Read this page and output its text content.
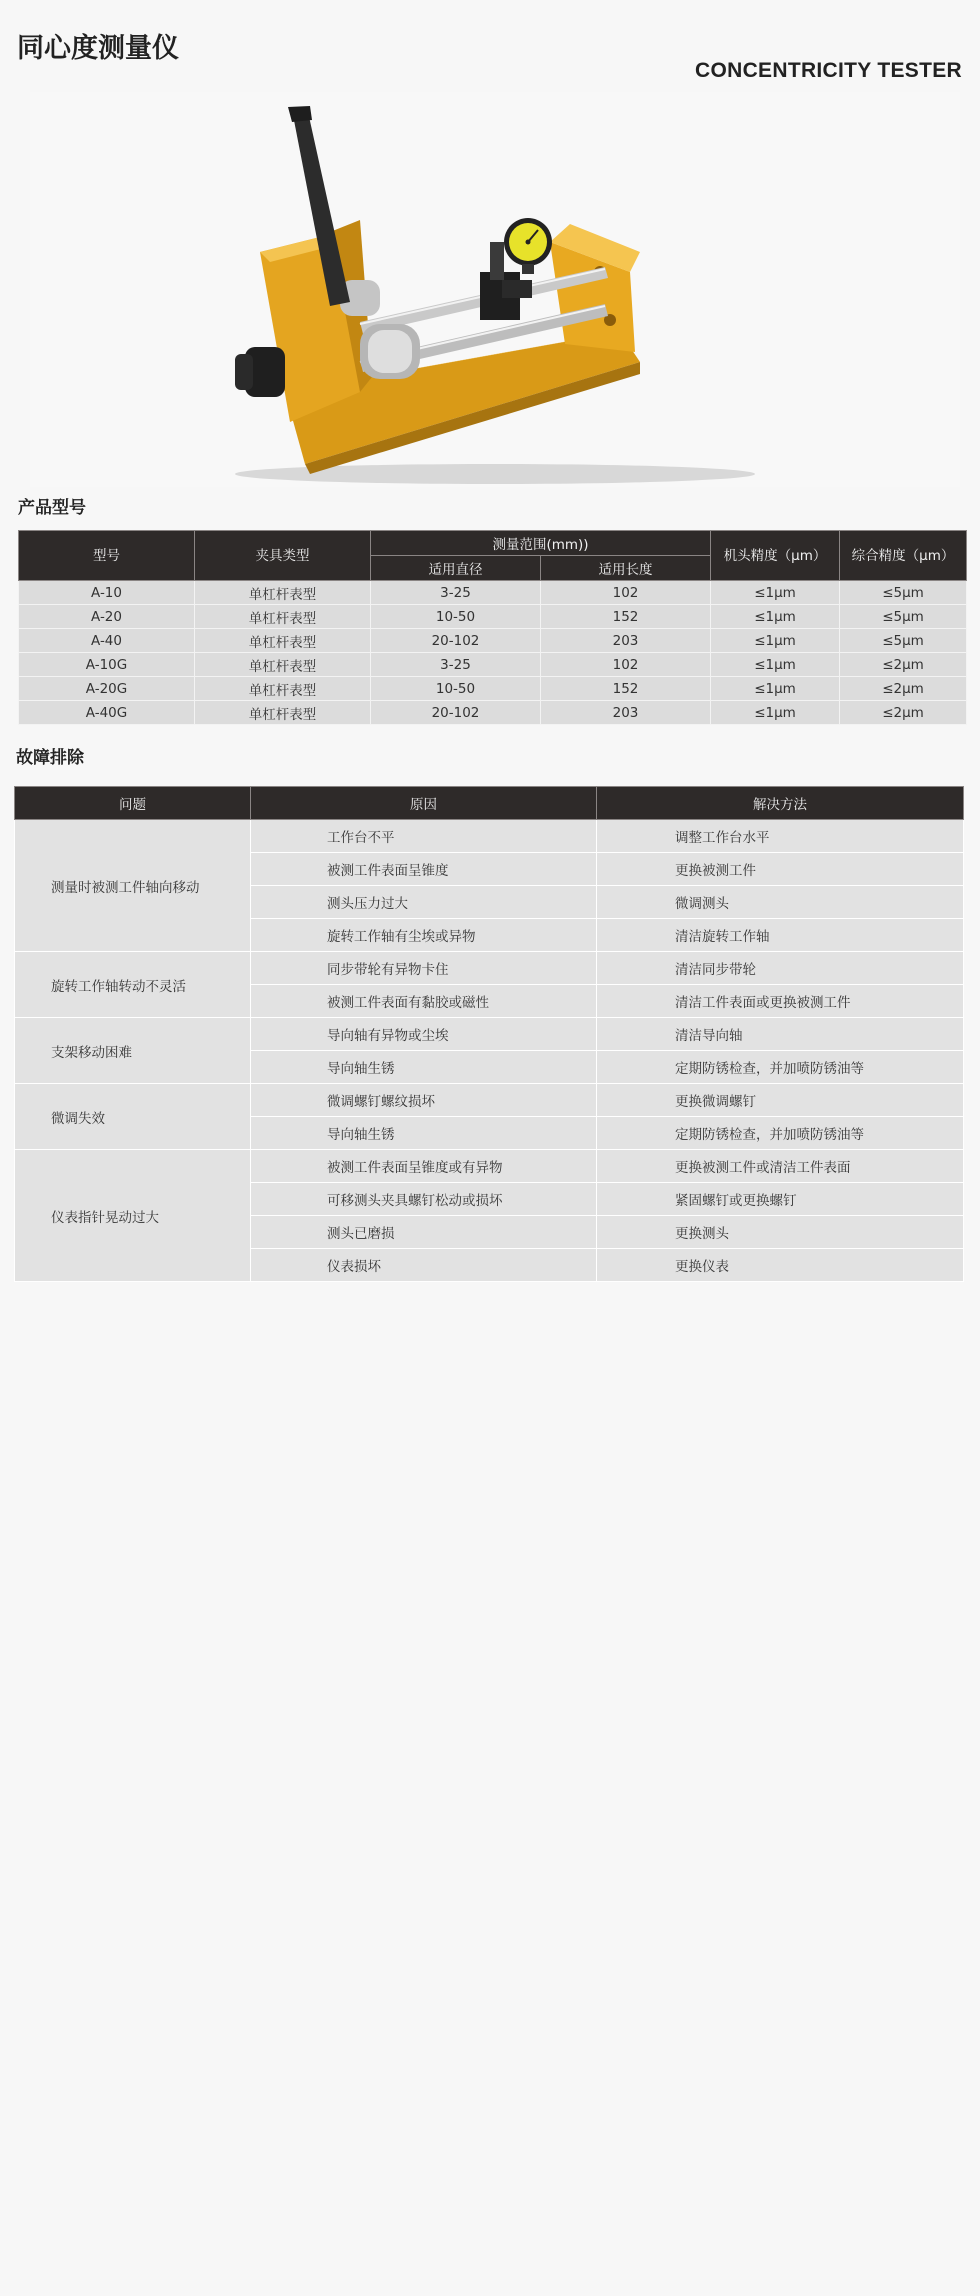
同心度测量仪
CONCENTRICITY TESTER
产品型号
型号	夹具类型	测量范围(mm))		机头精度（μm）	综合精度（μm）
		适用直径	适用长度		
A-10	单杠杆表型	3-25	102	≤1μm	≤5μm
A-20	单杠杆表型	10-50	152	≤1μm	≤5μm
A-40	单杠杆表型	20-102	203	≤1μm	≤5μm
A-10G	单杠杆表型	3-25	102	≤1μm	≤2μm
A-20G	单杠杆表型	10-50	152	≤1μm	≤2μm
A-40G	单杠杆表型	20-102	203	≤1μm	≤2μm
故障排除
问题	原因	解决方法
测量时被测工件轴向移动	工作台不平	调整工作台水平
	被测工件表面呈锥度	更换被测工件
	测头压力过大	微调测头
	旋转工作轴有尘埃或异物	清洁旋转工作轴
旋转工作轴转动不灵活	同步带轮有异物卡住	清洁同步带轮
	被测工件表面有黏胶或磁性	清洁工件表面或更换被测工件
支架移动困难	导向轴有异物或尘埃	清洁导向轴
	导向轴生锈	定期防锈检查，并加喷防锈油等
微调失效	微调螺钉螺纹损坏	更换微调螺钉
	导向轴生锈	定期防锈检查，并加喷防锈油等
仪表指针晃动过大	被测工件表面呈锥度或有异物	更换被测工件或清洁工件表面
	可移测头夹具螺钉松动或损坏	紧固螺钉或更换螺钉
	测头已磨损	更换测头
	仪表损坏	更换仪表
